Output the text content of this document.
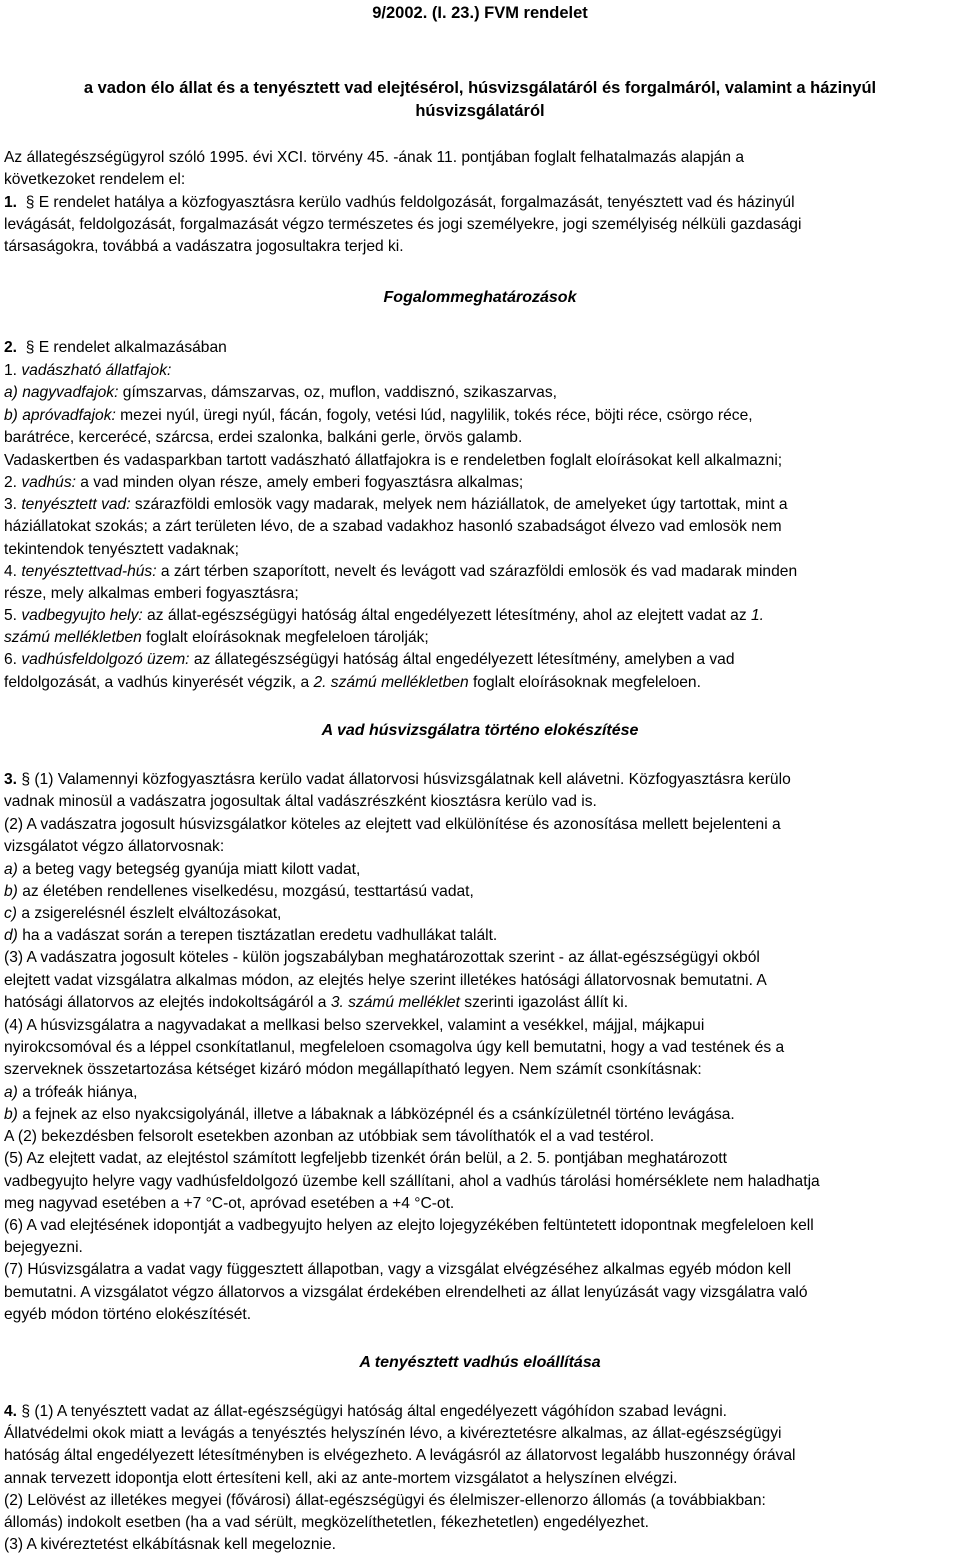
9/2002. (I. 23.) FVM rendelet
a vadon élo állat és a tenyésztett vad elejtésérol, húsvizsgálatáról és forgalmáról, valamint a házinyúl
húsvizsgálatáról
Az állategészségügyrol szóló 1995. évi XCI. törvény 45. -ának 11. pontjában foglalt felhatalmazás alapján a
következoket rendelem el:
1.  § E rendelet hatálya a közfogyasztásra kerülo vadhús feldolgozását, forgalmazását, tenyésztett vad és házinyúl
levágását, feldolgozását, forgalmazását végzo természetes és jogi személyekre, jogi személyiség nélküli gazdasági
társaságokra, továbbá a vadászatra jogosultakra terjed ki.
Fogalommeghatározások
2.  § E rendelet alkalmazásában
1. vadászható állatfajok:
a) nagyvadfajok: gímszarvas, dámszarvas, oz, muflon, vaddisznó, szikaszarvas,
b) apróvadfajok: mezei nyúl, üregi nyúl, fácán, fogoly, vetési lúd, nagylilik, tokés réce, böjti réce, csörgo réce,
barátréce, kercerécé, szárcsa, erdei szalonka, balkáni gerle, örvös galamb.
Vadaskertben és vadasparkban tartott vadászható állatfajokra is e rendeletben foglalt eloírásokat kell alkalmazni;
2. vadhús: a vad minden olyan része, amely emberi fogyasztásra alkalmas;
3. tenyésztett vad: szárazföldi emlosök vagy madarak, melyek nem háziállatok, de amelyeket úgy tartottak, mint a
háziállatokat szokás; a zárt területen lévo, de a szabad vadakhoz hasonló szabadságot élvezo vad emlosök nem
tekintendok tenyésztett vadaknak;
4. tenyésztettvad-hús: a zárt térben szaporított, nevelt és levágott vad szárazföldi emlosök és vad madarak minden
része, mely alkalmas emberi fogyasztásra;
5. vadbegyujto hely: az állat-egészségügyi hatóság által engedélyezett létesítmény, ahol az elejtett vadat az 1.
számú mellékletben foglalt eloírásoknak megfeleloen tárolják;
6. vadhúsfeldolgozó üzem: az állategészségügyi hatóság által engedélyezett létesítmény, amelyben a vad
feldolgozását, a vadhús kinyerését végzik, a 2. számú mellékletben foglalt eloírásoknak megfeleloen.
A vad húsvizsgálatra történo elokészítése
3. § (1) Valamennyi közfogyasztásra kerülo vadat állatorvosi húsvizsgálatnak kell alávetni. Közfogyasztásra kerülo
vadnak minosül a vadászatra jogosultak által vadászrészként kiosztásra kerülo vad is.
(2) A vadászatra jogosult húsvizsgálatkor köteles az elejtett vad elkülönítése és azonosítása mellett bejelenteni a
vizsgálatot végzo állatorvosnak:
a) a beteg vagy betegség gyanúja miatt kilott vadat,
b) az életében rendellenes viselkedésu, mozgású, testtartású vadat,
c) a zsigerelésnél észlelt elváltozásokat,
d) ha a vadászat során a terepen tisztázatlan eredetu vadhullákat talált.
(3) A vadászatra jogosult köteles - külön jogszabályban meghatározottak szerint - az állat-egészségügyi okból
elejtett vadat vizsgálatra alkalmas módon, az elejtés helye szerint illetékes hatósági állatorvosnak bemutatni. A
hatósági állatorvos az elejtés indokoltságáról a 3. számú melléklet szerinti igazolást állít ki.
(4) A húsvizsgálatra a nagyvadakat a mellkasi belso szervekkel, valamint a vesékkel, májjal, májkapui
nyirokcsomóval és a léppel csonkítatlanul, megfeleloen csomagolva úgy kell bemutatni, hogy a vad testének és a
szerveknek összetartozása kétséget kizáró módon megállapítható legyen. Nem számít csonkításnak:
a) a trófeák hiánya,
b) a fejnek az elso nyakcsigolyánál, illetve a lábaknak a lábközépnél és a csánkízületnél történo levágása.
A (2) bekezdésben felsorolt esetekben azonban az utóbbiak sem távolíthatók el a vad testérol.
(5) Az elejtett vadat, az elejtéstol számított legfeljebb tizenkét órán belül, a 2. 5. pontjában meghatározott
vadbegyujto helyre vagy vadhúsfeldolgozó üzembe kell szállítani, ahol a vadhús tárolási homérséklete nem haladhatja
meg nagyvad esetében a +7 °C-ot, apróvad esetében a +4 °C-ot.
(6) A vad elejtésének idopontját a vadbegyujto helyen az elejto lojegyzékében feltüntetett idopontnak megfeleloen kell
bejegyezni.
(7) Húsvizsgálatra a vadat vagy függesztett állapotban, vagy a vizsgálat elvégzéséhez alkalmas egyéb módon kell
bemutatni. A vizsgálatot végzo állatorvos a vizsgálat érdekében elrendelheti az állat lenyúzását vagy vizsgálatra való
egyéb módon történo elokészítését.
A tenyésztett vadhús eloállítása
4. § (1) A tenyésztett vadat az állat-egészségügyi hatóság által engedélyezett vágóhídon szabad levágni.
Állatvédelmi okok miatt a levágás a tenyésztés helyszínén lévo, a kivéreztetésre alkalmas, az állat-egészségügyi
hatóság által engedélyezett létesítményben is elvégezheto. A levágásról az állatorvost legalább huszonnégy órával
annak tervezett idopontja elott értesíteni kell, aki az ante-mortem vizsgálatot a helyszínen elvégzi.
(2) Lelövést az illetékes megyei (fővárosi) állat-egészségügyi és élelmiszer-ellenorzo állomás (a továbbiakban:
állomás) indokolt esetben (ha a vad sérült, megközelíthetetlen, fékezhetetlen) engedélyezhet.
(3) A kivéreztetést elkábításnak kell megeloznie.
